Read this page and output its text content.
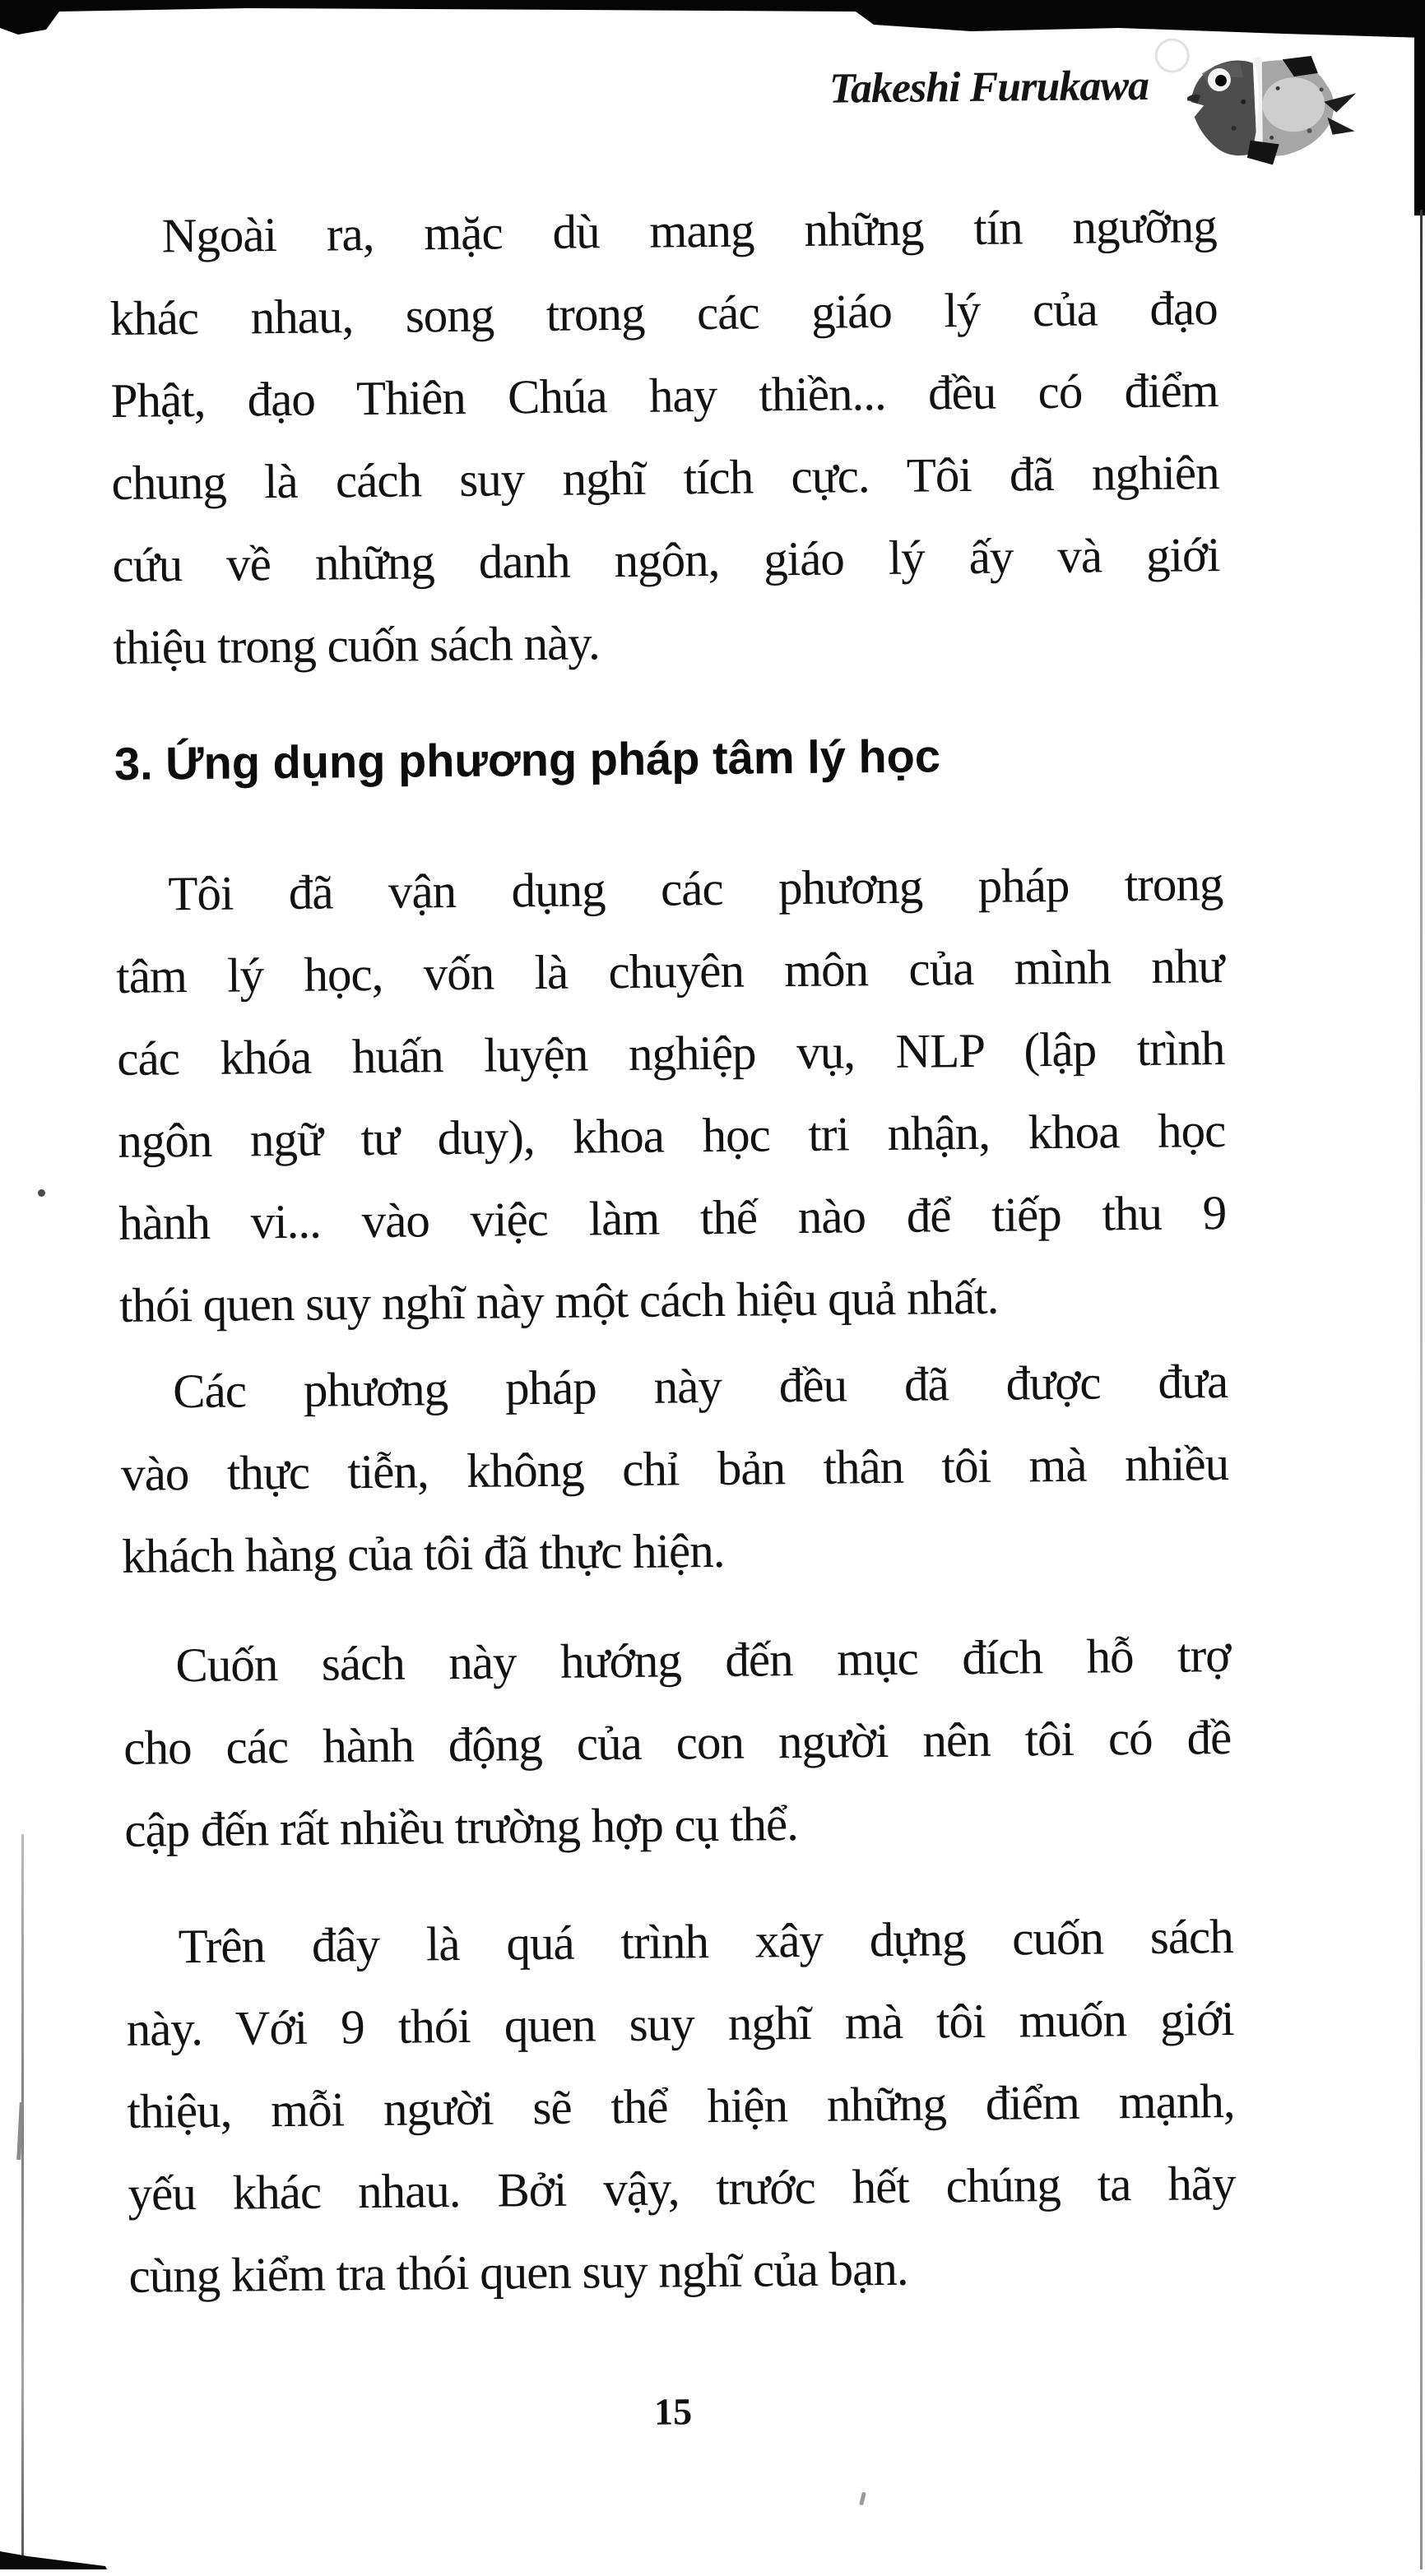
Takeshi Furukawa
Ngoài ra, mặc dù mang những tín ngưỡng
khác nhau, song trong các giáo lý của đạo
Phật, đạo Thiên Chúa hay thiền... đều có điểm
chung là cách suy nghĩ tích cực. Tôi đã nghiên
cứu về những danh ngôn, giáo lý ấy và giới
thiệu trong cuốn sách này.
3. Ứng dụng phương pháp tâm lý học
Tôi đã vận dụng các phương pháp trong
tâm lý học, vốn là chuyên môn của mình như
các khóa huấn luyện nghiệp vụ, NLP (lập trình
ngôn ngữ tư duy), khoa học tri nhận, khoa học
hành vi... vào việc làm thế nào để tiếp thu 9
thói quen suy nghĩ này một cách hiệu quả nhất.
Các phương pháp này đều đã được đưa
vào thực tiễn, không chỉ bản thân tôi mà nhiều
khách hàng của tôi đã thực hiện.
Cuốn sách này hướng đến mục đích hỗ trợ
cho các hành động của con người nên tôi có đề
cập đến rất nhiều trường hợp cụ thể.
Trên đây là quá trình xây dựng cuốn sách
này. Với 9 thói quen suy nghĩ mà tôi muốn giới
thiệu, mỗi người sẽ thể hiện những điểm mạnh,
yếu khác nhau. Bởi vậy, trước hết chúng ta hãy
cùng kiểm tra thói quen suy nghĩ của bạn.
15
